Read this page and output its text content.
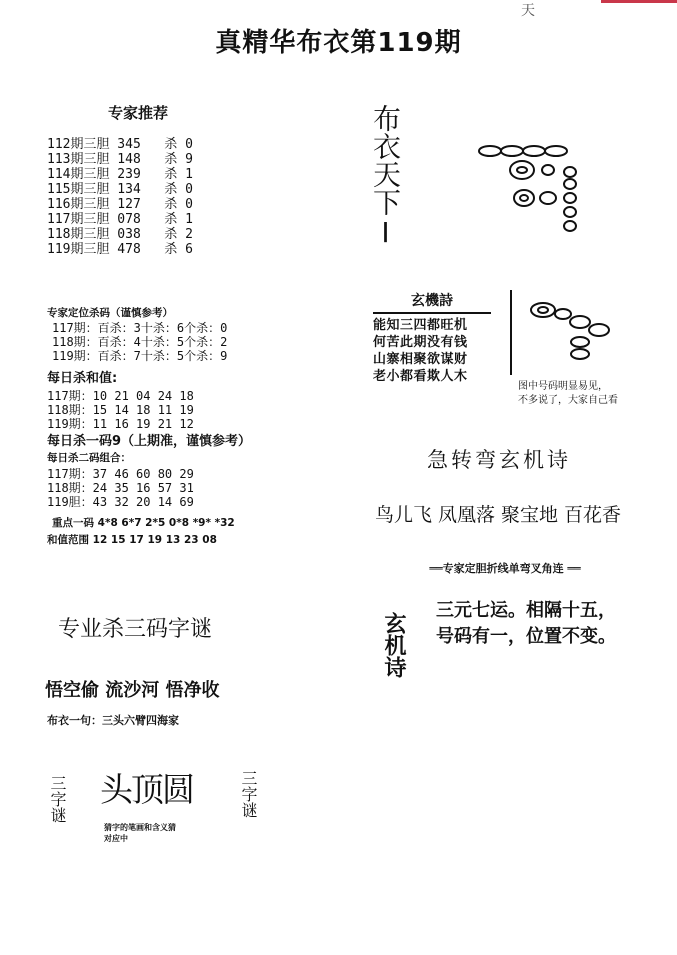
天
真精华布衣第119期
专家推荐
112期三胆 345   杀 0
113期三胆 148   杀 9
114期三胆 239   杀 1
115期三胆 134   杀 0
116期三胆 127   杀 0
117期三胆 078   杀 1
118期三胆 038   杀 2
119期三胆 478   杀 6
专家定位杀码（谨慎参考）
117期：百杀：3十杀：6个杀：0
118期：百杀：4十杀：5个杀：2
119期：百杀：7十杀：5个杀：9
每日杀和值:
117期：10 21 04 24 18
118期：15 14 18 11 19
119期：11 16 19 21 12
每日杀一码9（上期准，谨慎参考）
每日杀二码组合：
117期：37 46 60 80 29
118期：24 35 16 57 31
119胆：43 32 20 14 69
重点一码 4*8 6*7 2*5 0*8 *9* *32
和值范围 12 15 17 19 13 23 08
布衣天下I
玄機詩
能知三四都旺机
何苦此期没有钱
山寨相聚欲谋财
老小都看欺人木
图中号码明显易见，
不多说了，大家自己看
急转弯玄机诗
鸟儿飞 凤凰落 聚宝地 百花香
══专家定胆折线单弯叉角连 ══
玄机诗
三元七运。相隔十五，
号码有一，位置不变。
专业杀三码字谜
悟空偷 流沙河 悟净收
布衣一句：三头六臂四海家
三字谜 头顶圆	三字谜
猜字的笔画和含义猜
对应中
